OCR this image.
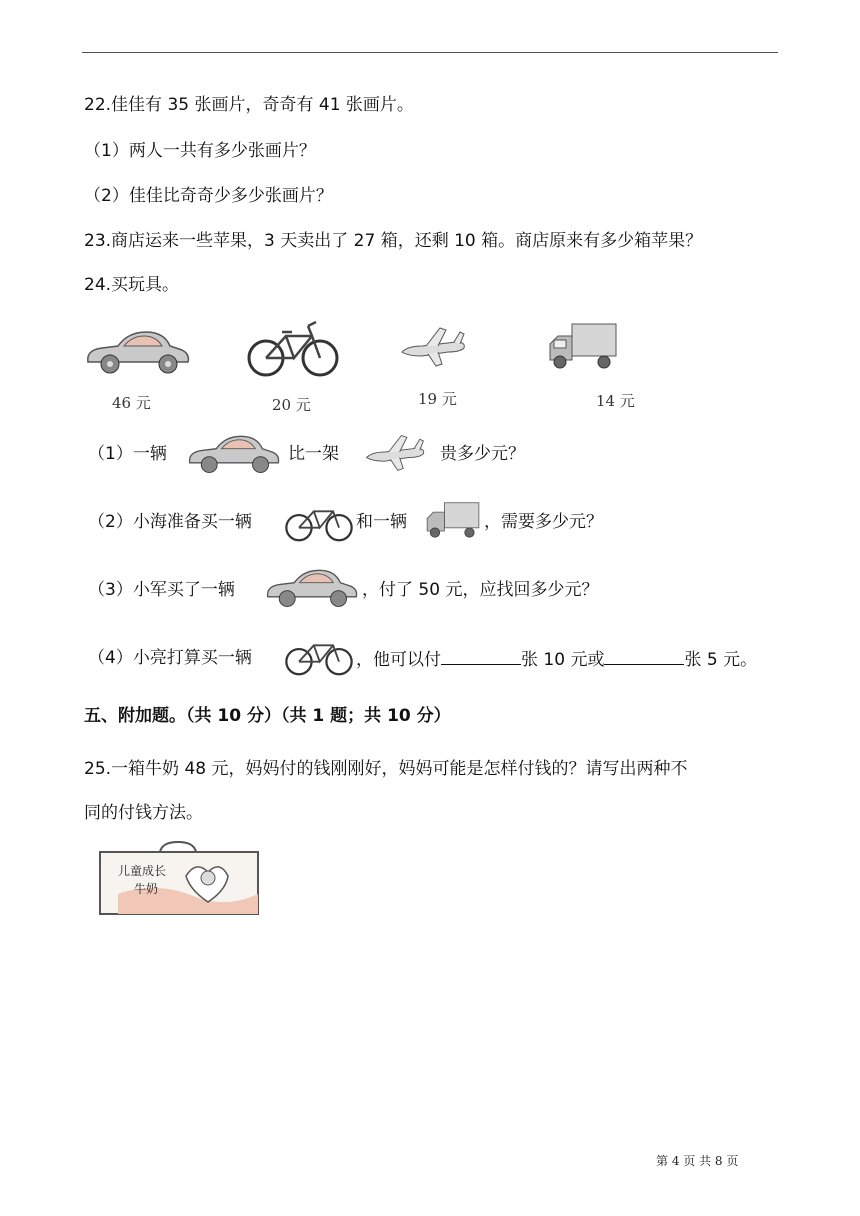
22.佳佳有 35 张画片，奇奇有 41 张画片。
（1）两人一共有多少张画片？
（2）佳佳比奇奇少多少张画片？
23.商店运来一些苹果，3 天卖出了 27 箱，还剩 10 箱。商店原来有多少箱苹果？
24.买玩具。
46 元	20 元	19 元	14 元
（1）一辆	比一架	贵多少元？
（2）小海准备买一辆	和一辆	，需要多少元？
（3）小军买了一辆	，付了 50 元，应找回多少元？
（4）小亮打算买一辆	，他可以付	张 10 元或	张 5 元。
五、附加题。（共 10 分）（共 1 题；共 10 分）
25.一箱牛奶 48 元，妈妈付的钱刚刚好，妈妈可能是怎样付钱的？请写出两种不
同的付钱方法。
儿童成长
牛奶
第 4 页 共 8 页
